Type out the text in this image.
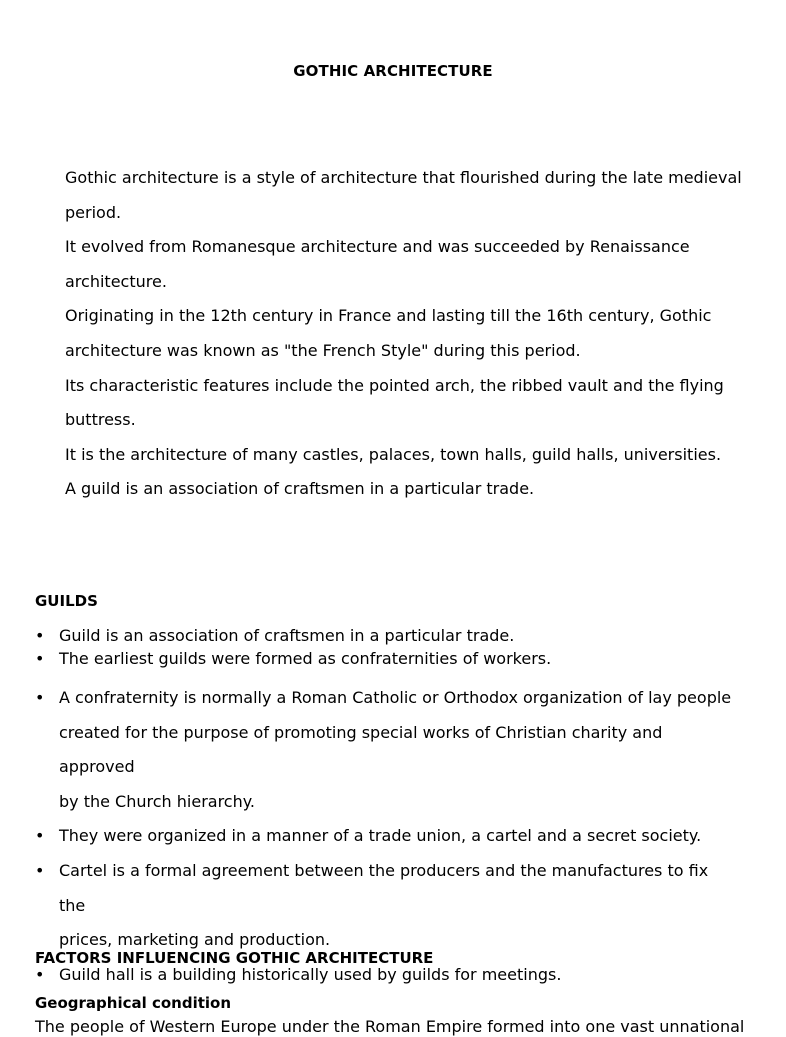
GOTHIC ARCHITECTURE

Gothic architecture is a style of architecture that flourished during the late medieval

period.

It evolved from Romanesque architecture and was succeeded by Renaissance

architecture.

Originating in the 12th century in France and lasting till the 16th century, Gothic

architecture was known as "the French Style" during this period.

Its characteristic features include the pointed arch, the ribbed vault and the flying

buttress.

It is the architecture of many castles, palaces, town halls, guild halls, universities.

A guild is an association of craftsmen in a particular trade.

GUILDS
• Guild is an association of craftsmen in a particular trade.
• The earliest guilds were formed as confraternities of workers.
• A confraternity is normally a Roman Catholic or Orthodox organization of lay people
created for the purpose of promoting special works of Christian charity and approved
by the Church hierarchy.
• They were organized in a manner of a trade union, a cartel and a secret society.
• Cartel is a formal agreement between the producers and the manufactures to fix the
prices, marketing and production.
• Guild hall is a building historically used by guilds for meetings.
FACTORS INFLUENCING GOTHIC ARCHITECTURE
Geographical condition
The people of Western Europe under the Roman Empire formed into one vast unnational
